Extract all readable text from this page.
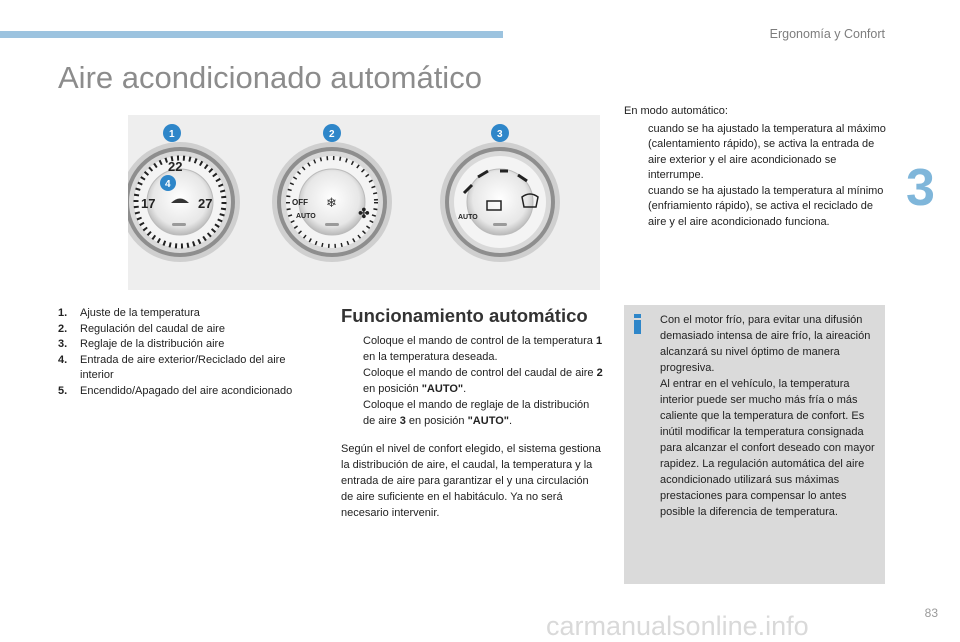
Ergonomía y Confort
3
Aire acondicionado automático
22
17	27
4
1
OFF
AUTO
❄
✤
2
AUTO
3

En modo automático:

cuando se ha ajustado la temperatura al máximo (calentamiento rápido), se activa la entrada de aire exterior y el aire acondicionado se interrumpe.
cuando se ha ajustado la temperatura al mínimo (enfriamiento rápido), se activa el reciclado de aire y el aire acondicionado funciona.
1.	Ajuste de la temperatura
2.	Regulación del caudal de aire
3.	Reglaje de la distribución aire
4.	Entrada de aire exterior/Reciclado del aire interior
5.	Encendido/Apagado del aire acondicionado
Funcionamiento automático
Coloque el mando de control de la temperatura 1 en la temperatura deseada.
Coloque el mando de control del caudal de aire 2 en posición "AUTO".
Coloque el mando de reglaje de la distribución de aire 3 en posición "AUTO".

Según el nivel de confort elegido, el sistema gestiona la distribución de aire, el caudal, la temperatura y la entrada de aire para garantizar el y una circulación de aire suficiente en el habitáculo. Ya no será necesario intervenir.

Con el motor frío, para evitar una difusión demasiado intensa de aire frío, la aireación alcanzará su nivel óptimo de manera progresiva.
Al entrar en el vehículo, la temperatura interior puede ser mucho más fría o más caliente que la temperatura de confort. Es inútil modificar la temperatura consignada para alcanzar el confort deseado con mayor rapidez. La regulación automática del aire acondicionado utilizará sus máximas prestaciones para compensar lo antes posible la diferencia de temperatura.

83
carmanualsonline.info
